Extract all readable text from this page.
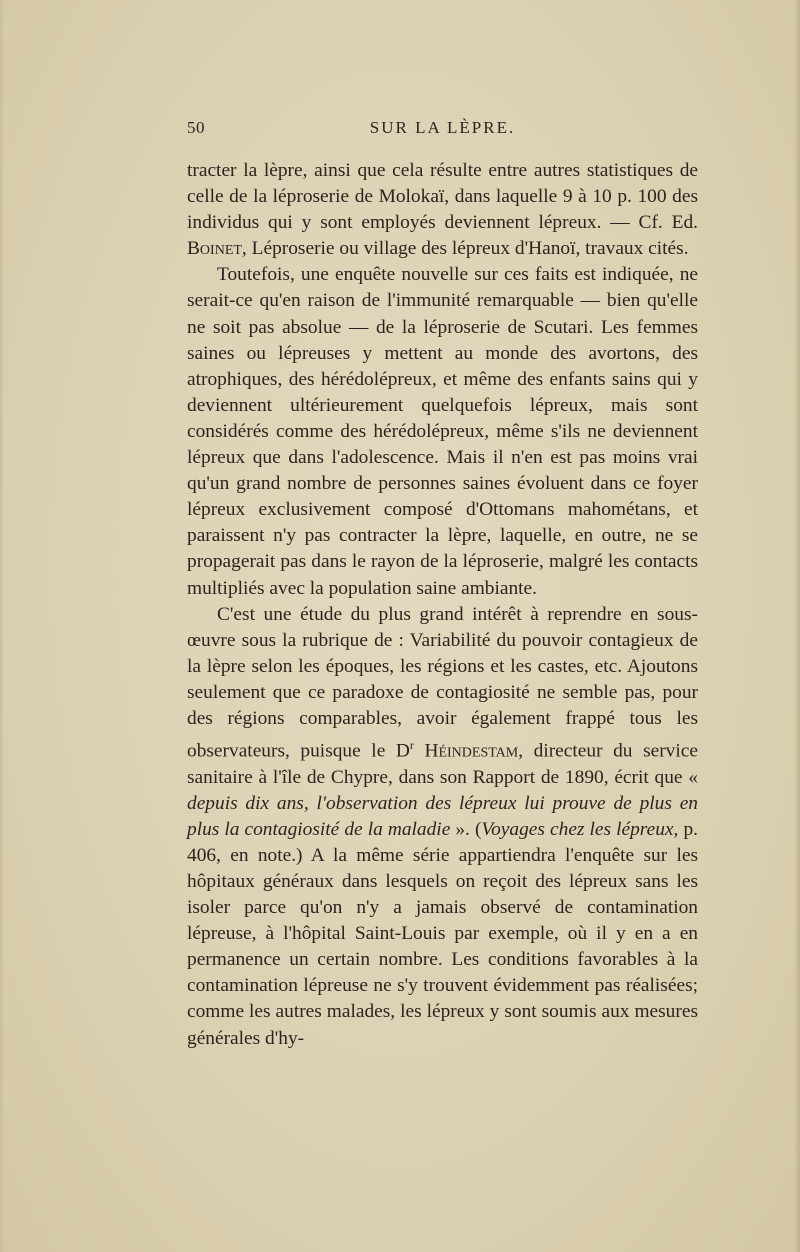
SUR LA LÈPRE.
50

tracter la lèpre, ainsi que cela résulte entre autres statistiques de celle de la léproserie de Molokaï, dans laquelle 9 à 10 p. 100 des individus qui y sont employés deviennent lépreux. — Cf. Ed. Boinet, Léproserie ou village des lépreux d'Hanoï, travaux cités.

Toutefois, une enquête nouvelle sur ces faits est indiquée, ne serait-ce qu'en raison de l'immunité remarquable — bien qu'elle ne soit pas absolue — de la léproserie de Scutari. Les femmes saines ou lépreuses y mettent au monde des avortons, des atrophiques, des hérédolépreux, et même des enfants sains qui y deviennent ultérieurement quelquefois lépreux, mais sont considérés comme des hérédolépreux, même s'ils ne deviennent lépreux que dans l'adolescence. Mais il n'en est pas moins vrai qu'un grand nombre de personnes saines évoluent dans ce foyer lépreux exclusivement composé d'Ottomans mahométans, et paraissent n'y pas contracter la lèpre, laquelle, en outre, ne se propagerait pas dans le rayon de la léproserie, malgré les contacts multipliés avec la population saine ambiante.

C'est une étude du plus grand intérêt à reprendre en sous-œuvre sous la rubrique de : Variabilité du pouvoir contagieux de la lèpre selon les époques, les régions et les castes, etc. Ajoutons seulement que ce paradoxe de contagiosité ne semble pas, pour des régions comparables, avoir également frappé tous les observateurs, puisque le $D^r$ Héindestam, directeur du service sanitaire à l'île de Chypre, dans son Rapport de 1890, écrit que « depuis dix ans, l'observation des lépreux lui prouve de plus en plus la contagiosité de la maladie ». (Voyages chez les lépreux, p. 406, en note.) A la même série appartiendra l'enquête sur les hôpitaux généraux dans lesquels on reçoit des lépreux sans les isoler parce qu'on n'y a jamais observé de contamination lépreuse, à l'hôpital Saint-Louis par exemple, où il y en a en permanence un certain nombre. Les conditions favorables à la contamination lépreuse ne s'y trouvent évidemment pas réalisées; comme les autres malades, les lépreux y sont soumis aux mesures générales d'hy-
